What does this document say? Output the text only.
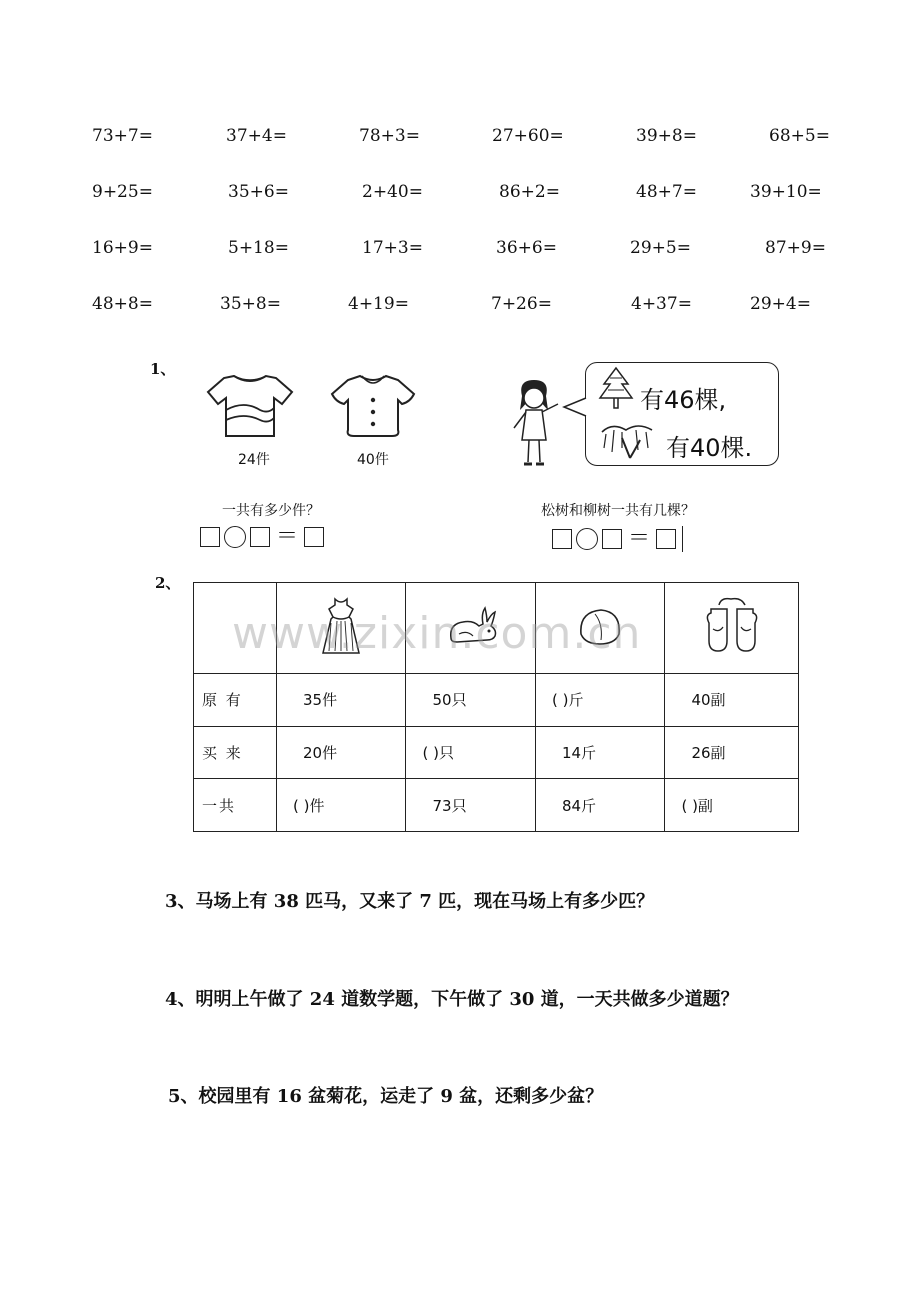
73+7=	37+4=	78+3=	27+60=	39+8=	68+5=
9+25=	35+6=	2+40=	86+2=	48+7=	39+10=
16+9=	5+18=	17+3=	36+6=	29+5=	87+9=
48+8=	35+8=	4+19=	7+26=	4+37=	29+4=
1、
24件	40件
有46棵,
有40棵.
一共有多少件？
＝
松树和柳树一共有几棵？
＝
2、

原 有	35件	50只	( )斤	40副
买 来	20件	( )只	14斤	26副
一共	( )件	73只	84斤	( )副
www.zixin.com.cn
3、马场上有 38 匹马，又来了 7 匹，现在马场上有多少匹？
4、明明上午做了 24 道数学题，下午做了 30 道，一天共做多少道题？
5、校园里有 16 盆菊花，运走了 9 盆，还剩多少盆？
